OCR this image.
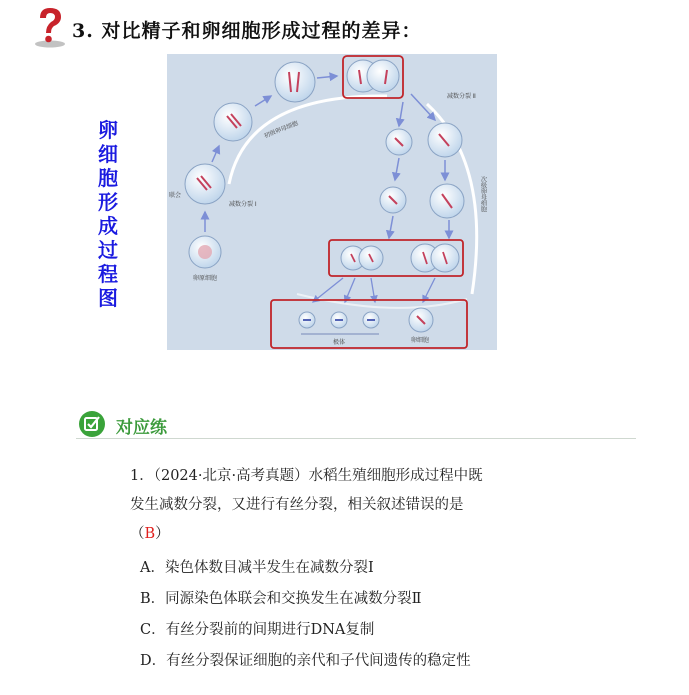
3. 对比精子和卵细胞形成过程的差异：
卵细胞形成过程图
卵原细胞
联会
初级卵母细胞
减数分裂 Ⅰ
减数分裂 Ⅱ
次级卵母细胞
极体	卵细胞
对应练
1．（2024·北京·高考真题）水稻生殖细胞形成过程中既
发生减数分裂，又进行有丝分裂，相关叙述错误的是
（B）
A．染色体数目减半发生在减数分裂Ⅰ
B．同源染色体联会和交换发生在减数分裂Ⅱ
C．有丝分裂前的间期进行DNA复制
D．有丝分裂保证细胞的亲代和子代间遗传的稳定性
